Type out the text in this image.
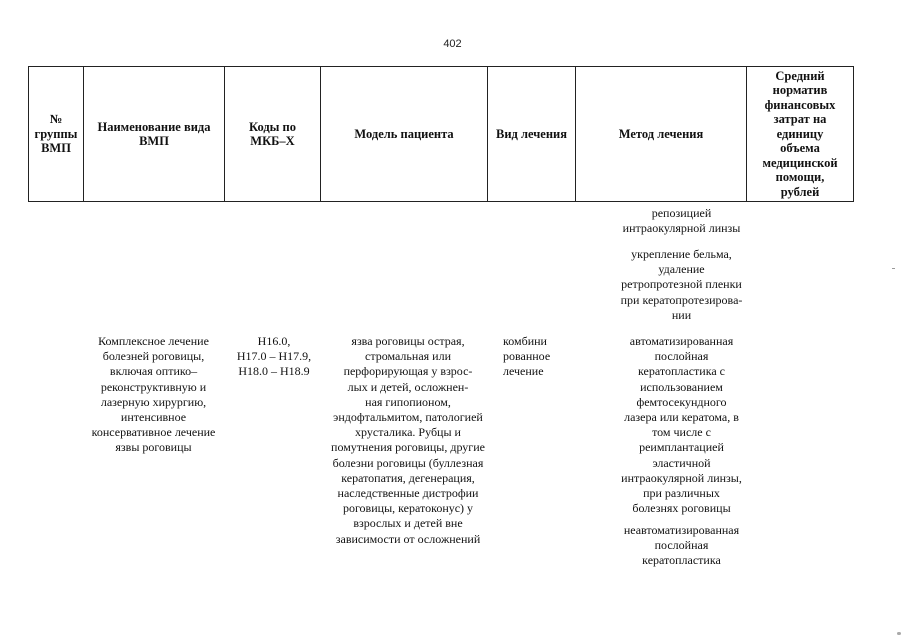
402
№
группы
ВМП
Наименование вида
ВМП
Коды по
МКБ–Х
Модель пациента	Вид лечения	Метод лечения
Средний
норматив
финансовых
затрат на
единицу
объема
медицинской
помощи,
рублей
репозицией
интраокулярной линзы
укрепление бельма,
удаление
ретропротезной пленки
при кератопротезирова-
нии
Комплексное лечение
болезней роговицы,
включая оптико–
реконструктивную и
лазерную хирургию,
интенсивное
консервативное лечение
язвы роговицы
H16.0,
H17.0 – H17.9,
H18.0 – H18.9
язва роговицы острая,
стромальная или
перфорирующая у взрос-
лых и детей, осложнен-
ная гипопионом,
эндофтальмитом, патологией
хрусталика. Рубцы и
помутнения роговицы, другие
болезни роговицы (буллезная
кератопатия, дегенерация,
наследственные дистрофии
роговицы, кератоконус) у
взрослых и детей вне
зависимости от осложнений
комбини
рованное
лечение
автоматизированная
послойная
кератопластика с
использованием
фемтосекундного
лазера или кератома, в
том числе с
реимплантацией
эластичной
интраокулярной линзы,
при различных
болезнях роговицы
неавтоматизированная
послойная
кератопластика
